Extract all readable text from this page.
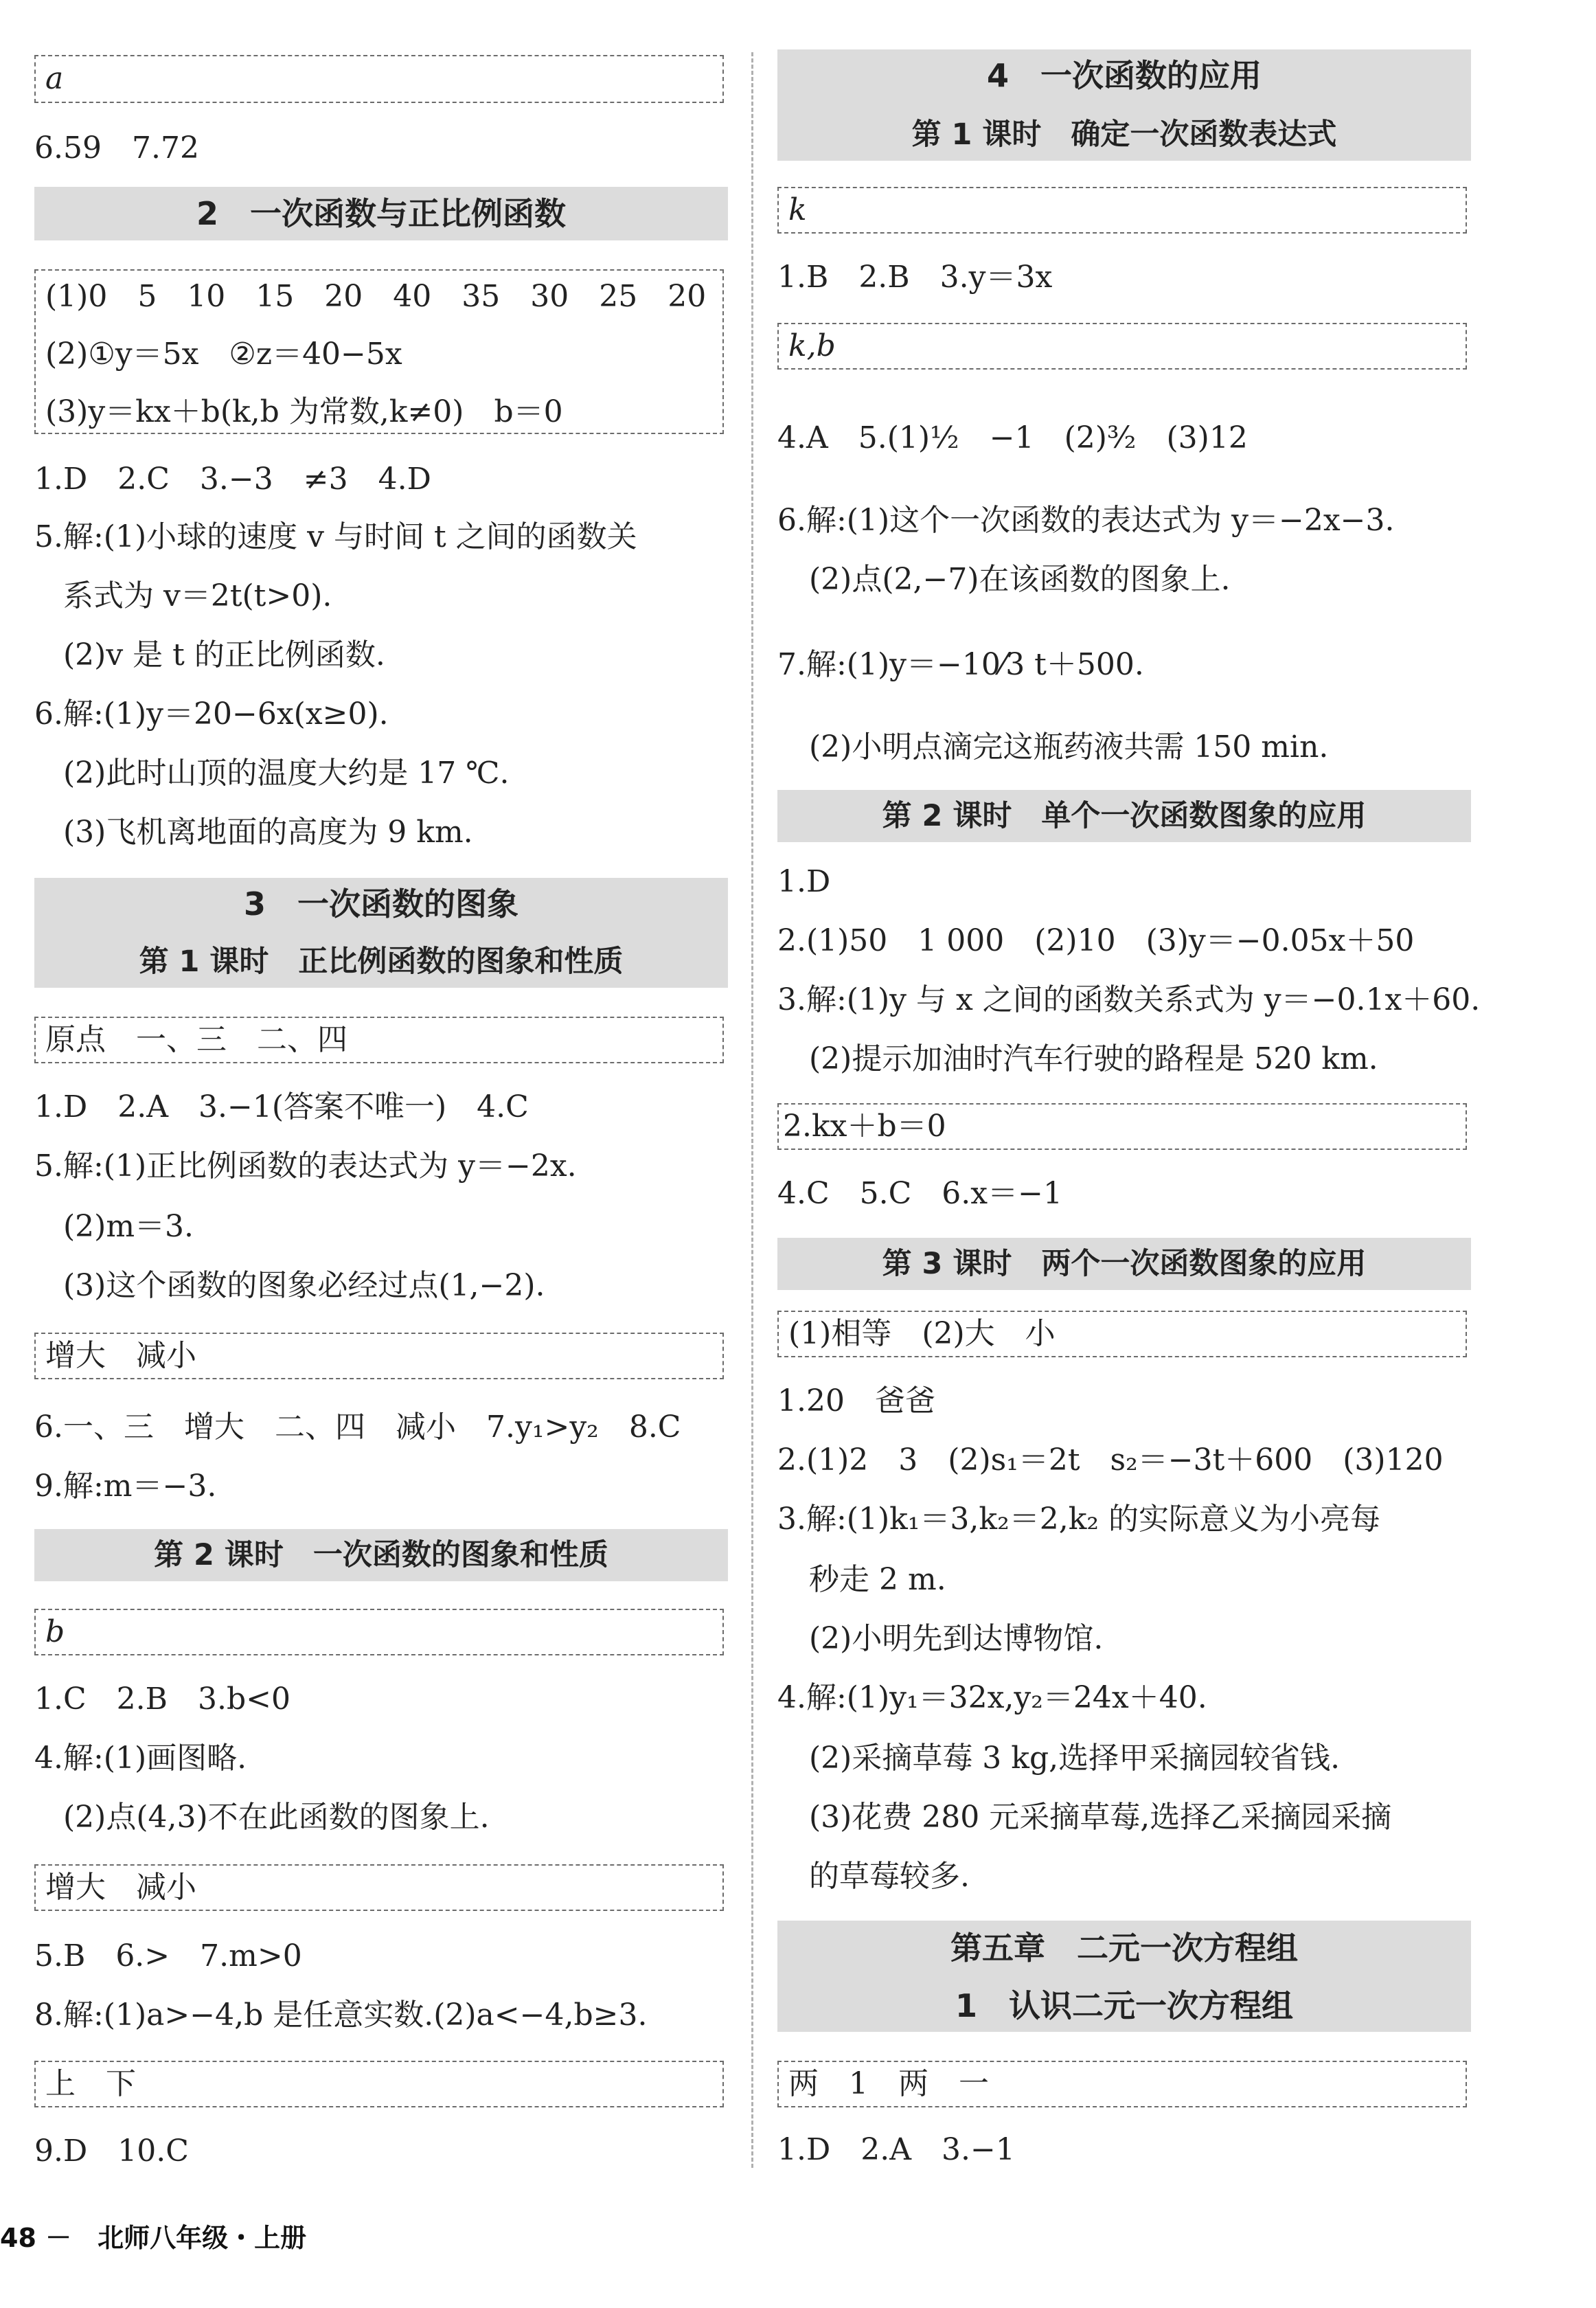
a
6.59　7.72
2　一次函数与正比例函数
(1)0　5　10　15　20　40　35　30　25　20
(2)①y＝5x　②z＝40−5x
(3)y＝kx＋b(k,b 为常数,k≠0)　b＝0
1.D　2.C　3.−3　≠3　4.D
5.解:(1)小球的速度 v 与时间 t 之间的函数关
系式为 v＝2t(t>0).
(2)v 是 t 的正比例函数.
6.解:(1)y＝20−6x(x≥0).
(2)此时山顶的温度大约是 17 ℃.
(3)飞机离地面的高度为 9 km.
3　一次函数的图象
第 1 课时　正比例函数的图象和性质
原点　一、三　二、四
1.D　2.A　3.−1(答案不唯一)　4.C
5.解:(1)正比例函数的表达式为 y＝−2x.
(2)m＝3.
(3)这个函数的图象必经过点(1,−2).
增大　减小
6.一、三　增大　二、四　减小　7.y₁>y₂　8.C
9.解:m＝−3.
第 2 课时　一次函数的图象和性质
b
1.C　2.B　3.b<0
4.解:(1)画图略.
(2)点(4,3)不在此函数的图象上.
增大　减小
5.B　6.>　7.m>0
8.解:(1)a>−4,b 是任意实数.(2)a<−4,b≥3.
上　下
9.D　10.C
4　一次函数的应用
第 1 课时　确定一次函数表达式
k
1.B　2.B　3.y＝3x
k,b
4.A　5.(1)½　−1　(2)³⁄₂　(3)12
6.解:(1)这个一次函数的表达式为 y＝−2x−3.
(2)点(2,−7)在该函数的图象上.
7.解:(1)y＝−10⁄3 t＋500.
(2)小明点滴完这瓶药液共需 150 min.
第 2 课时　单个一次函数图象的应用
1.D
2.(1)50　1 000　(2)10　(3)y＝−0.05x＋50
3.解:(1)y 与 x 之间的函数关系式为 y＝−0.1x＋60.
(2)提示加油时汽车行驶的路程是 520 km.
2.kx＋b＝0
4.C　5.C　6.x＝−1
第 3 课时　两个一次函数图象的应用
(1)相等　(2)大　小
1.20　爸爸
2.(1)2　3　(2)s₁＝2t　s₂＝−3t＋600　(3)120
3.解:(1)k₁＝3,k₂＝2,k₂ 的实际意义为小亮每
秒走 2 m.
(2)小明先到达博物馆.
4.解:(1)y₁＝32x,y₂＝24x＋40.
(2)采摘草莓 3 kg,选择甲采摘园较省钱.
(3)花费 280 元采摘草莓,选择乙采摘园采摘
的草莓较多.
第五章　二元一次方程组
1　认识二元一次方程组
两　1　两　一
1.D　2.A　3.−1
48 －　北师八年级・上册
